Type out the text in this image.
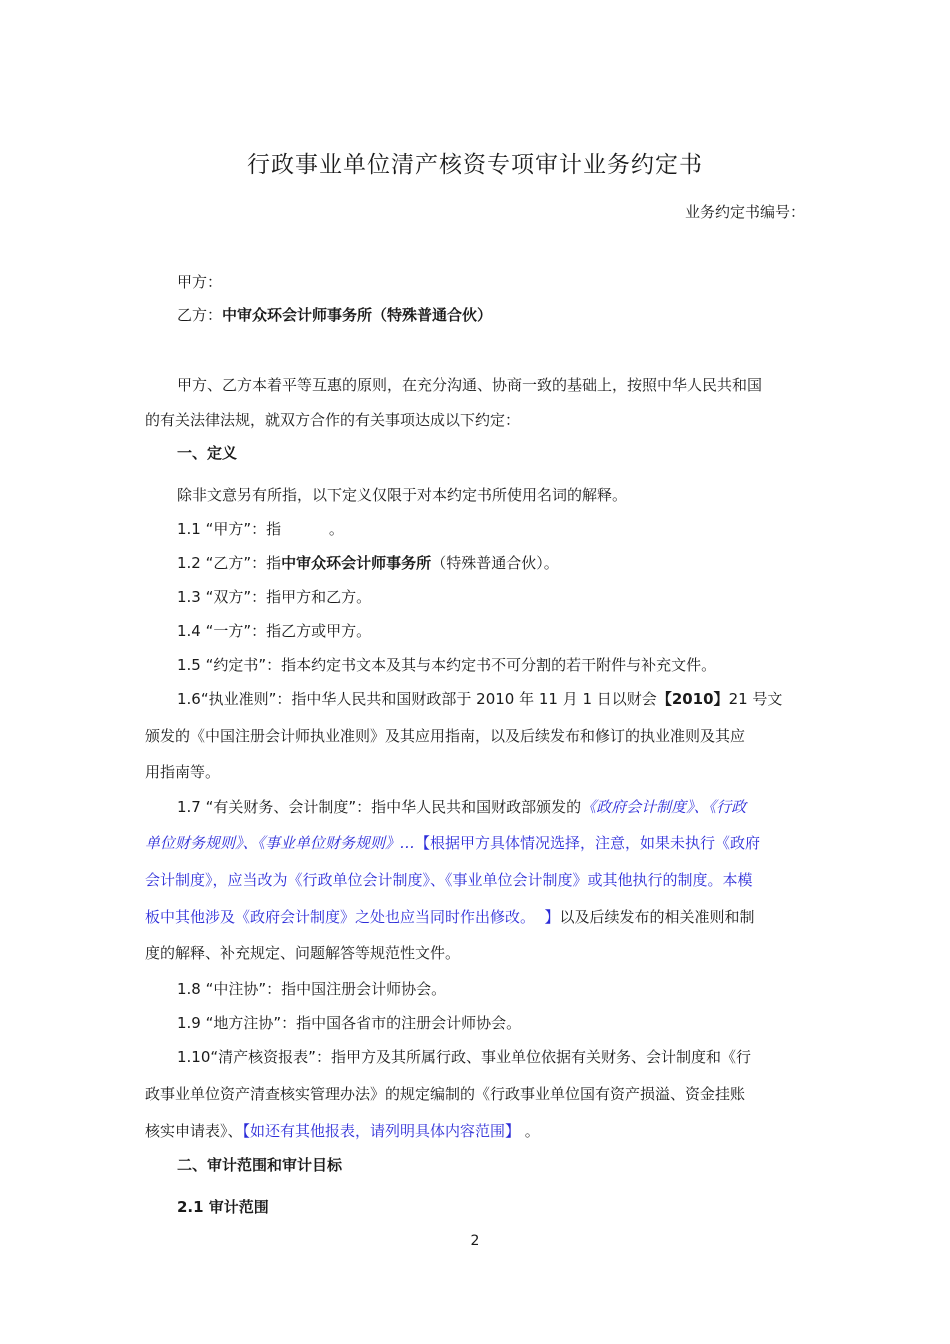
行政事业单位清产核资专项审计业务约定书
业务约定书编号：
甲方：
乙方：中审众环会计师事务所（特殊普通合伙）
甲方、乙方本着平等互惠的原则，在充分沟通、协商一致的基础上，按照中华人民共和国
的有关法律法规，就双方合作的有关事项达成以下约定：
一、定义
除非文意另有所指，以下定义仅限于对本约定书所使用名词的解释。
1.1 “甲方”：指          。
1.2 “乙方”：指中审众环会计师事务所（特殊普通合伙）。
1.3 “双方”：指甲方和乙方。
1.4 “一方”：指乙方或甲方。
1.5 “约定书”：指本约定书文本及其与本约定书不可分割的若干附件与补充文件。
1.6“执业准则”：指中华人民共和国财政部于 2010 年 11 月 1 日以财会【2010】21 号文
颁发的《中国注册会计师执业准则》及其应用指南，以及后续发布和修订的执业准则及其应
用指南等。
1.7 “有关财务、会计制度”：指中华人民共和国财政部颁发的《政府会计制度》、《行政
单位财务规则》、《事业单位财务规则》…【根据甲方具体情况选择，注意，如果未执行《政府
会计制度》，应当改为《行政单位会计制度》、《事业单位会计制度》或其他执行的制度。本模
板中其他涉及《政府会计制度》之处也应当同时作出修改。  】以及后续发布的相关准则和制
度的解释、补充规定、问题解答等规范性文件。
1.8 “中注协”：指中国注册会计师协会。
1.9 “地方注协”：指中国各省市的注册会计师协会。
1.10“清产核资报表”：指甲方及其所属行政、事业单位依据有关财务、会计制度和《行
政事业单位资产清查核实管理办法》的规定编制的《行政事业单位国有资产损溢、资金挂账
核实申请表》、【如还有其他报表，请列明具体内容范围】 。
二、审计范围和审计目标
2.1 审计范围
2
